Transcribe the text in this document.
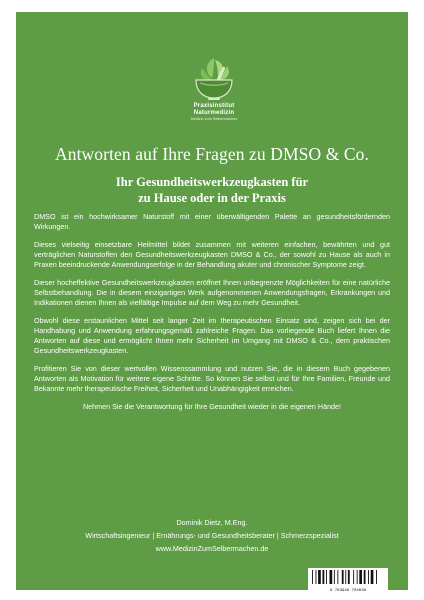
Praxisinstitut
Naturmedizin
Medizin zum Selbermachen
Antworten auf Ihre Fragen zu DMSO & Co.
Ihr Gesundheitswerkzeugkasten für
zu Hause oder in der Praxis

DMSO ist ein hochwirksamer Naturstoff mit einer überwältigenden Palette an gesundheitsfördernden Wirkungen.

Dieses vielseitig einsetzbare Heilmittel bildet zusammen mit weiteren einfachen, bewährten und gut verträglichen Naturstoffen den Gesundheitswerkzeugkasten DMSO & Co., der sowohl zu Hause als auch in Praxen beeindruckende Anwendungserfolge in der Behandlung akuter und chronischer Symptome zeigt.

Dieser hocheffektive Gesundheitswerkzeugkasten eröffnet Ihnen unbegrenzte Möglichkeiten für eine natürliche Selbstbehandlung. Die in diesem einzigartigen Werk aufgenommenen Anwendungsfragen, Erkrankungen und Indikationen dienen Ihnen als vielfältige Impulse auf dem Weg zu mehr Gesundheit.

Obwohl diese erstaunlichen Mittel seit langer Zeit im therapeutischen Einsatz sind, zeigen sich bei der Handhabung und Anwendung erfahrungsgemäß zahlreiche Fragen. Das vorliegende Buch liefert Ihnen die Antworten auf diese und ermöglicht Ihnen mehr Sicherheit im Umgang mit DMSO & Co., dem praktischen Gesundheitswerkzeugkasten.

Profitieren Sie von dieser wertvollen Wissenssammlung und nutzen Sie, die in diesem Buch gegebenen Antworten als Motivation für weitere eigene Schritte. So können Sie selbst und für Ihre Familien, Freunde und Bekannte mehr therapeutische Freiheit, Sicherheit und Unabhängigkeit erreichen.

Nehmen Sie die Verantwortung für Ihre Gesundheit wieder in die eigenen Hände!

Dominik Dietz, M.Eng.
Wirtschaftsingenieur | Ernährungs- und Gesundheitsberater | Schmerzspezialist
www.MedizinZumSelbermachen.de
9 783949 704038
